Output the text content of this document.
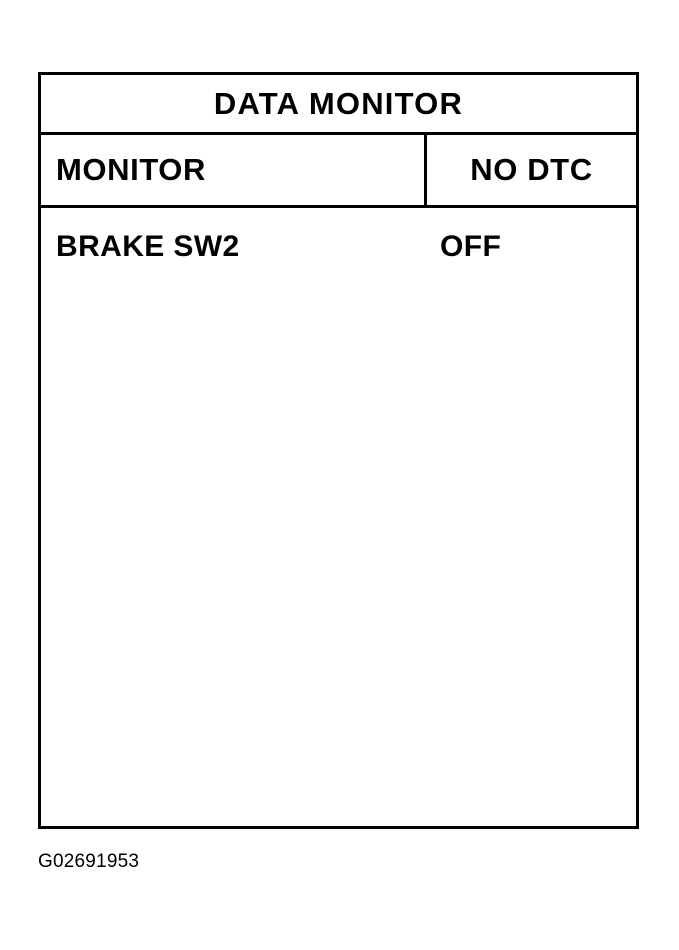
DATA MONITOR
MONITOR	NO DTC
BRAKE SW2	OFF
G02691953
